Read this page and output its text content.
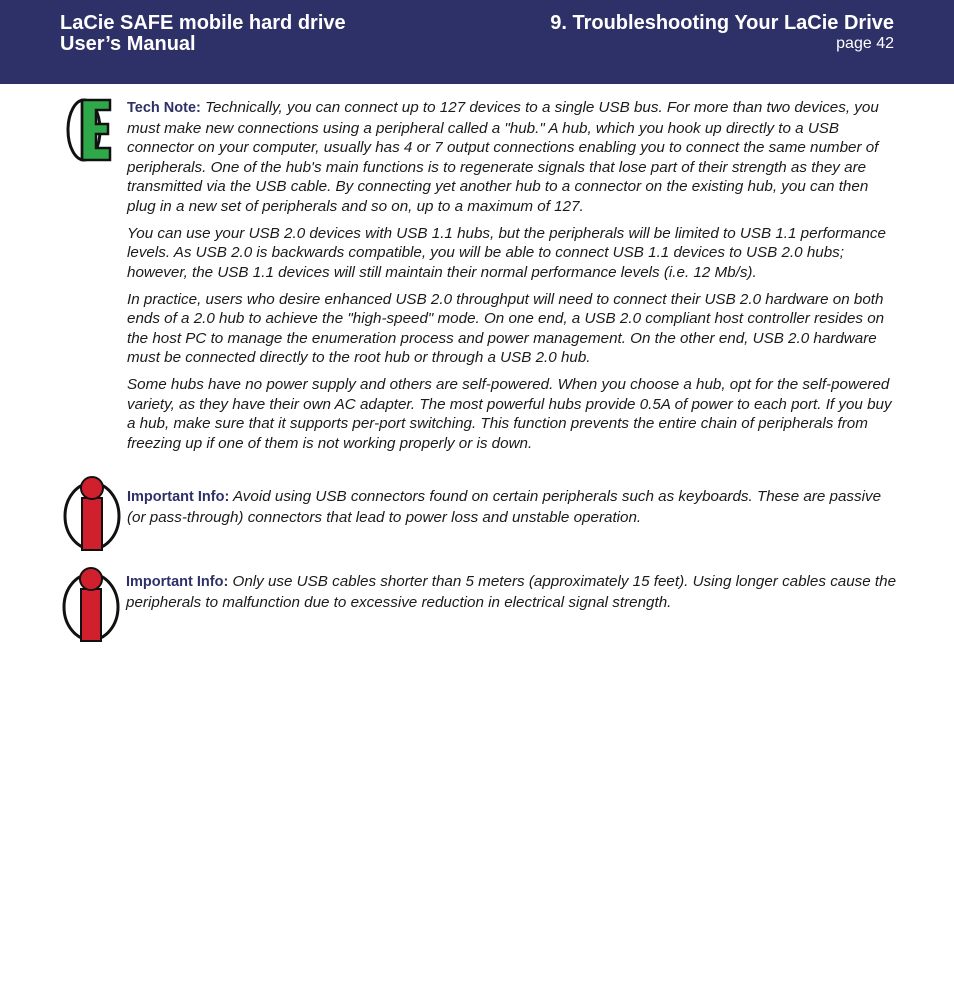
LaCie SAFE mobile hard drive
User’s Manual
9. Troubleshooting Your LaCie Drive
page 42

Tech Note: Technically, you can connect up to 127 devices to a single USB bus. For more than two devices, you must make new connections using a peripheral called a "hub." A hub, which you hook up directly to a USB connector on your computer, usually has 4 or 7 output connections enabling you to connect the same number of peripherals. One of the hub's main functions is to regenerate signals that lose part of their strength as they are transmitted via the USB cable. By connecting yet another hub to a connector on the existing hub, you can then plug in a new set of peripherals and so on, up to a maximum of 127.

You can use your USB 2.0 devices with USB 1.1 hubs, but the peripherals will be limited to USB 1.1 performance levels. As USB 2.0 is backwards compatible, you will be able to connect USB 1.1 devices to USB 2.0 hubs; however, the USB 1.1 devices will still maintain their normal performance levels (i.e. 12 Mb/s).

In practice, users who desire enhanced USB 2.0 throughput will need to connect their USB 2.0 hardware on both ends of a 2.0 hub to achieve the "high-speed" mode. On one end, a USB 2.0 compliant host controller resides on the host PC to manage the enumeration process and power management. On the other end, USB 2.0 hardware must be connected directly to the root hub or through a USB 2.0 hub.

Some hubs have no power supply and others are self-powered. When you choose a hub, opt for the self-powered variety, as they have their own AC adapter. The most powerful hubs provide 0.5A of power to each port. If you buy a hub, make sure that it supports per-port switching. This function prevents the entire chain of peripherals from freezing up if one of them is not working properly or is down.

Important Info: Avoid using USB connectors found on certain peripherals such as keyboards. These are passive (or pass-through) connectors that lead to power loss and unstable operation.

Important Info: Only use USB cables shorter than 5 meters (approximately 15 feet). Using longer cables cause the peripherals to malfunction due to excessive reduction in electrical signal strength.
